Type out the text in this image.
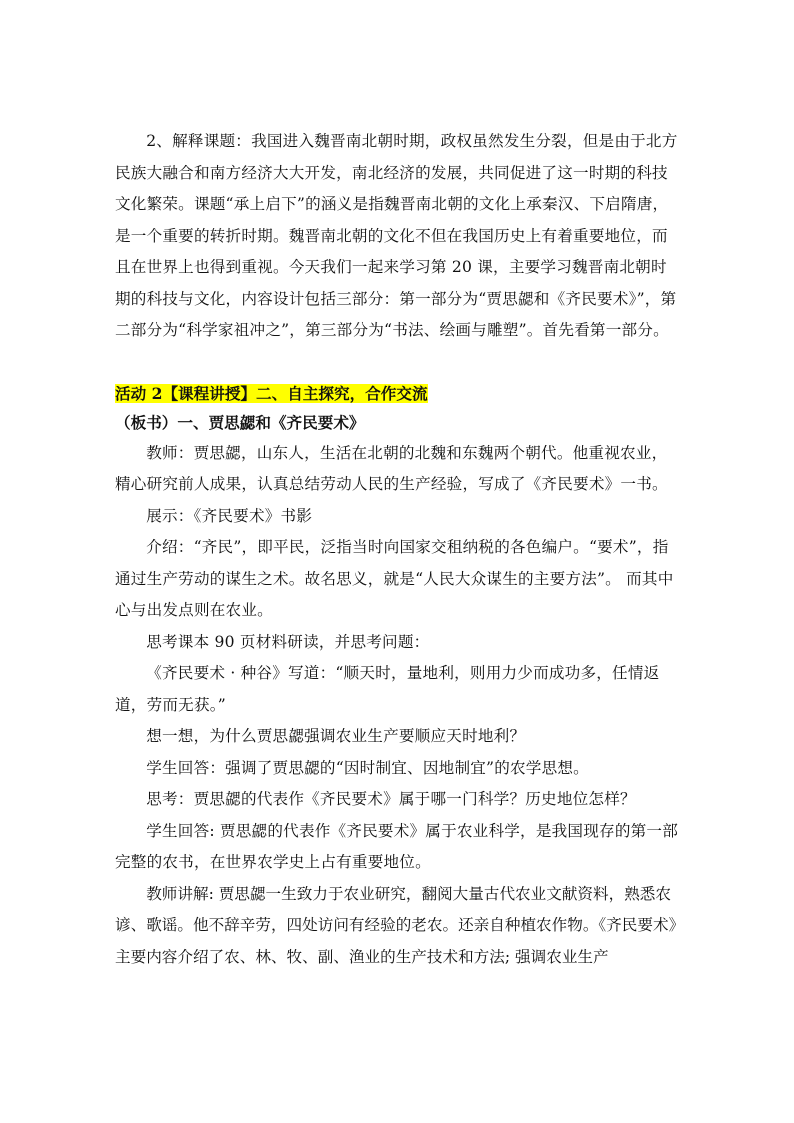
2、解释课题：我国进入魏晋南北朝时期，政权虽然发生分裂，但是由于北方民族大融合和南方经济大大开发，南北经济的发展，共同促进了这一时期的科技文化繁荣。课题“承上启下”的涵义是指魏晋南北朝的文化上承秦汉、下启隋唐，是一个重要的转折时期。魏晋南北朝的文化不但在我国历史上有着重要地位，而且在世界上也得到重视。今天我们一起来学习第 20 课，主要学习魏晋南北朝时期的科技与文化，内容设计包括三部分：第一部分为“贾思勰和《齐民要术》”，第二部分为“科学家祖冲之”，第三部分为“书法、绘画与雕塑”。首先看第一部分。

活动 2【课程讲授】二、自主探究，合作交流
（板书）一、贾思勰和《齐民要术》

教师：贾思勰，山东人，生活在北朝的北魏和东魏两个朝代。他重视农业，精心研究前人成果，认真总结劳动人民的生产经验，写成了《齐民要术》一书。

展示：《齐民要术》书影

介绍：“齐民”，即平民，泛指当时向国家交租纳税的各色编户。“要术”，指通过生产劳动的谋生之术。故名思义，就是“人民大众谋生的主要方法”。 而其中心与出发点则在农业。

思考课本 90 页材料研读，并思考问题：

《齐民要术 · 种谷》写道：“顺天时，量地利，则用力少而成功多，任情返道，劳而无获。”

想一想，为什么贾思勰强调农业生产要顺应天时地利？

学生回答：强调了贾思勰的“因时制宜、因地制宜”的农学思想。

思考：贾思勰的代表作《齐民要术》属于哪一门科学？历史地位怎样？

学生回答: 贾思勰的代表作《齐民要术》属于农业科学，是我国现存的第一部完整的农书，在世界农学史上占有重要地位。

教师讲解: 贾思勰一生致力于农业研究，翻阅大量古代农业文献资料，熟悉农谚、歌谣。他不辞辛劳，四处访问有经验的老农。还亲自种植农作物。《齐民要术》主要内容介绍了农、林、牧、副、渔业的生产技术和方法; 强调农业生产
